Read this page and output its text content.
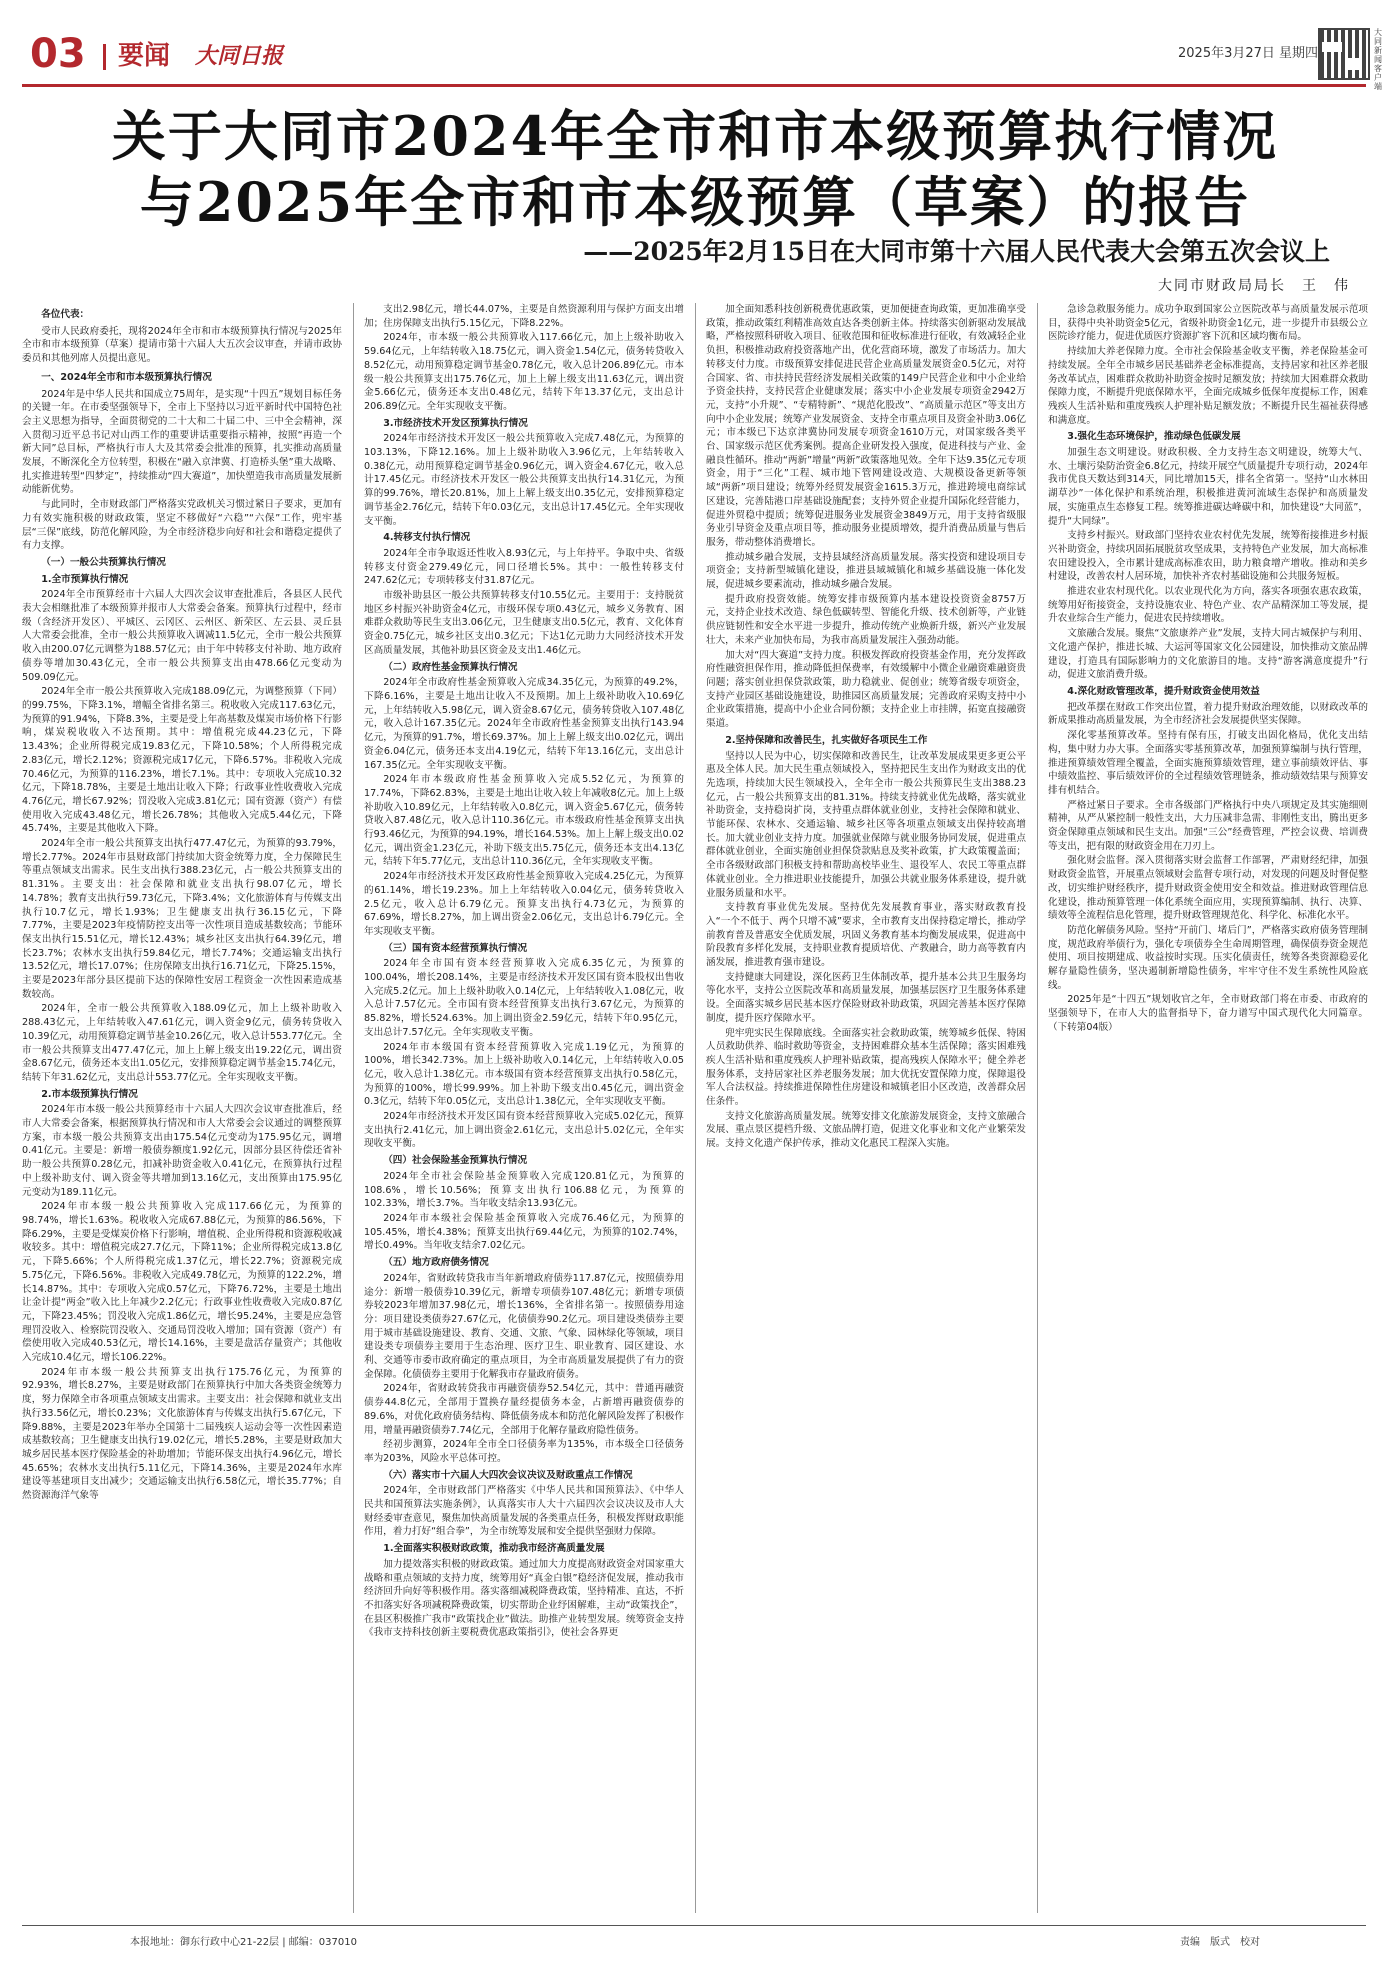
03 要闻 大同日报	2025年3月27日 星期四
大同新闻客户端
关于大同市2024年全市和市本级预算执行情况
与2025年全市和市本级预算（草案）的报告
——2025年2月15日在大同市第十六届人民代表大会第五次会议上
大同市财政局局长　王　伟

各位代表：

受市人民政府委托，现将2024年全市和市本级预算执行情况与2025年全市和市本级预算（草案）提请市第十六届人大五次会议审查，并请市政协委员和其他列席人员提出意见。

一、2024年全市和市本级预算执行情况

2024年是中华人民共和国成立75周年，是实现“十四五”规划目标任务的关键一年。在市委坚强领导下，全市上下坚持以习近平新时代中国特色社会主义思想为指导，全面贯彻党的二十大和二十届二中、三中全会精神，深入贯彻习近平总书记对山西工作的重要讲话重要指示精神，按照“再造一个新大同”总目标，严格执行市人大及其常委会批准的预算，扎实推动高质量发展，不断深化全方位转型，积极在“融入京津冀、打造桥头堡”重大战略、扎实推进转型“四梦定”，持续推动“四大赛道”，加快塑造我市高质量发展新动能新优势。

与此同时，全市财政部门严格落实党政机关习惯过紧日子要求，更加有力有效实施积极的财政政策，坚定不移做好“六稳”“六保”工作，兜牢基层“三保”底线，防范化解风险，为全市经济稳步向好和社会和谐稳定提供了有力支撑。

（一）一般公共预算执行情况

1.全市预算执行情况

2024年全市预算经市十六届人大四次会议审查批准后，各县区人民代表大会相继批准了本级预算并报市人大常委会备案。预算执行过程中，经市级（含经济开发区）、平城区、云冈区、云州区、新荣区、左云县、灵丘县人大常委会批准，全市一般公共预算收入调减11.5亿元，全市一般公共预算收入由200.07亿元调整为188.57亿元；由于年中转移支付补助、地方政府债券等增加30.43亿元，全市一般公共预算支出由478.66亿元变动为509.09亿元。

2024年全市一般公共预算收入完成188.09亿元，为调整预算（下同）的99.75%，下降3.1%，增幅全省排名第三。税收收入完成117.63亿元，为预算的91.94%，下降8.3%，主要是受上年高基数及煤炭市场价格下行影响，煤炭税收收入不达预期。其中：增值税完成44.23亿元，下降13.43%；企业所得税完成19.83亿元，下降10.58%；个人所得税完成2.83亿元，增长2.12%；资源税完成17亿元，下降6.57%。非税收入完成70.46亿元，为预算的116.23%，增长7.1%。其中：专项收入完成10.32亿元，下降18.78%，主要是土地出让收入下降；行政事业性收费收入完成4.76亿元，增长67.92%；罚没收入完成3.81亿元；国有资源（资产）有偿使用收入完成43.48亿元，增长26.78%；其他收入完成5.44亿元，下降45.74%，主要是其他收入下降。

2024年全市一般公共预算支出执行477.47亿元，为预算的93.79%，增长2.77%。2024年市县财政部门持续加大资金统筹力度，全力保障民生等重点领域支出需求。民生支出执行388.23亿元，占一般公共预算支出的81.31%。主要支出：社会保障和就业支出执行98.07亿元，增长14.78%；教育支出执行59.73亿元，下降3.4%；文化旅游体育与传媒支出执行10.7亿元，增长1.93%；卫生健康支出执行36.15亿元，下降7.77%，主要是2023年疫情防控支出等一次性项目造成基数较高；节能环保支出执行15.51亿元，增长12.43%；城乡社区支出执行64.39亿元，增长23.7%；农林水支出执行59.84亿元，增长7.74%；交通运输支出执行13.52亿元，增长17.07%；住房保障支出执行16.71亿元，下降25.15%，主要是2023年部分县区提前下达的保障性安居工程资金一次性因素造成基数较高。

2024年，全市一般公共预算收入188.09亿元，加上上级补助收入288.43亿元，上年结转收入47.61亿元，调入资金9亿元，债务转贷收入10.39亿元，动用预算稳定调节基金10.26亿元，收入总计553.77亿元。全市一般公共预算支出477.47亿元，加上上解上级支出19.22亿元，调出资金8.67亿元，债务还本支出1.05亿元，安排预算稳定调节基金15.74亿元，结转下年31.62亿元，支出总计553.77亿元。全年实现收支平衡。

2.市本级预算执行情况

2024年市本级一般公共预算经市十六届人大四次会议审查批准后，经市人大常委会备案，根据预算执行情况和市人大常委会会议通过的调整预算方案，市本级一般公共预算支出由175.54亿元变动为175.95亿元，调增0.41亿元。主要是：新增一般债券额度1.92亿元，因部分县区待偿还省补助一般公共预算0.28亿元，扣减补助资金收入0.41亿元，在预算执行过程中上级补助支付、调入资金等共增加到13.16亿元，支出预算由175.95亿元变动为189.11亿元。

2024年市本级一般公共预算收入完成117.66亿元，为预算的98.74%，增长1.63%。税收收入完成67.88亿元，为预算的86.56%，下降6.29%，主要是受煤炭价格下行影响，增值税、企业所得税和资源税收减收较多。其中：增值税完成27.7亿元，下降11%；企业所得税完成13.8亿元，下降5.66%；个人所得税完成1.37亿元，增长22.7%；资源税完成5.75亿元，下降6.56%。非税收入完成49.78亿元，为预算的122.2%，增长14.87%。其中：专项收入完成0.57亿元，下降76.72%，主要是土地出让金计提“两金”收入比上年减少2.2亿元；行政事业性收费收入完成0.87亿元，下降23.45%；罚没收入完成1.86亿元，增长95.24%，主要是应急管理罚没收入、检察院罚没收入、交通局罚没收入增加；国有资源（资产）有偿使用收入完成40.53亿元，增长14.16%，主要是盘活存量资产；其他收入完成10.4亿元，增长106.22%。

2024年市本级一般公共预算支出执行175.76亿元，为预算的92.93%，增长8.27%，主要是财政部门在预算执行中加大各类资金统筹力度，努力保障全市各项重点领域支出需求。主要支出：社会保障和就业支出执行33.56亿元，增长0.23%；文化旅游体育与传媒支出执行5.67亿元，下降9.88%，主要是2023年举办全国第十二届残疾人运动会等一次性因素造成基数较高；卫生健康支出执行19.02亿元，增长5.28%，主要是财政加大城乡居民基本医疗保险基金的补助增加；节能环保支出执行4.96亿元，增长45.65%；农林水支出执行5.11亿元，下降14.36%，主要是2024年水库建设等基建项目支出减少；交通运输支出执行6.58亿元，增长35.77%；自然资源海洋气象等

支出2.98亿元，增长44.07%，主要是自然资源利用与保护方面支出增加；住房保障支出执行5.15亿元，下降8.22%。

2024年，市本级一般公共预算收入117.66亿元，加上上级补助收入59.64亿元，上年结转收入18.75亿元，调入资金1.54亿元，债务转贷收入8.52亿元，动用预算稳定调节基金0.78亿元，收入总计206.89亿元。市本级一般公共预算支出175.76亿元，加上上解上级支出11.63亿元，调出资金5.66亿元，债务还本支出0.48亿元，结转下年13.37亿元，支出总计206.89亿元。全年实现收支平衡。

3.市经济技术开发区预算执行情况

2024年市经济技术开发区一般公共预算收入完成7.48亿元，为预算的103.13%，下降12.16%。加上上级补助收入3.96亿元，上年结转收入0.38亿元，动用预算稳定调节基金0.96亿元，调入资金4.67亿元，收入总计17.45亿元。市经济技术开发区一般公共预算支出执行14.31亿元，为预算的99.76%，增长20.81%，加上上解上级支出0.35亿元，安排预算稳定调节基金2.76亿元，结转下年0.03亿元，支出总计17.45亿元。全年实现收支平衡。

4.转移支付执行情况

2024年全市争取返还性收入8.93亿元，与上年持平。争取中央、省级转移支付资金279.49亿元，同口径增长5%。其中：一般性转移支付247.62亿元；专项转移支付31.87亿元。

市级补助县区一般公共预算转移支付10.55亿元。主要用于：支持脱贫地区乡村振兴补助资金4亿元，市级环保专项0.43亿元，城乡义务教育、困难群众救助等民生支出3.06亿元，卫生健康支出0.5亿元，教育、文化体育资金0.75亿元，城乡社区支出0.3亿元；下达1亿元助力大同经济技术开发区高质量发展，其他补助县区资金及支出1.46亿元。

（二）政府性基金预算执行情况

2024年全市政府性基金预算收入完成34.35亿元，为预算的49.2%，下降6.16%，主要是土地出让收入不及预期。加上上级补助收入10.69亿元，上年结转收入5.98亿元，调入资金8.67亿元，债务转贷收入107.48亿元，收入总计167.35亿元。2024年全市政府性基金预算支出执行143.94亿元，为预算的91.7%，增长69.37%。加上上解上级支出0.02亿元，调出资金6.04亿元，债务还本支出4.19亿元，结转下年13.16亿元，支出总计167.35亿元。全年实现收支平衡。

2024年市本级政府性基金预算收入完成5.52亿元，为预算的17.74%，下降62.83%，主要是土地出让收入较上年减收8亿元。加上上级补助收入10.89亿元，上年结转收入0.8亿元，调入资金5.67亿元，债务转贷收入87.48亿元，收入总计110.36亿元。市本级政府性基金预算支出执行93.46亿元，为预算的94.19%，增长164.53%。加上上解上级支出0.02亿元，调出资金1.23亿元，补助下级支出5.75亿元，债务还本支出4.13亿元，结转下年5.77亿元，支出总计110.36亿元，全年实现收支平衡。

2024年市经济技术开发区政府性基金预算收入完成4.25亿元，为预算的61.14%，增长19.23%。加上上年结转收入0.04亿元，债务转贷收入2.5亿元，收入总计6.79亿元。预算支出执行4.73亿元，为预算的67.69%，增长8.27%，加上调出资金2.06亿元，支出总计6.79亿元。全年实现收支平衡。

（三）国有资本经营预算执行情况

2024年全市国有资本经营预算收入完成6.35亿元，为预算的100.04%，增长208.14%，主要是市经济技术开发区国有资本股权出售收入完成5.2亿元。加上上级补助收入0.14亿元，上年结转收入1.08亿元，收入总计7.57亿元。全市国有资本经营预算支出执行3.67亿元，为预算的85.82%，增长524.63%。加上调出资金2.59亿元，结转下年0.95亿元，支出总计7.57亿元。全年实现收支平衡。

2024年市本级国有资本经营预算收入完成1.19亿元，为预算的100%，增长342.73%。加上上级补助收入0.14亿元，上年结转收入0.05亿元，收入总计1.38亿元。市本级国有资本经营预算支出执行0.58亿元，为预算的100%，增长99.99%。加上补助下级支出0.45亿元，调出资金0.3亿元，结转下年0.05亿元，支出总计1.38亿元，全年实现收支平衡。

2024年市经济技术开发区国有资本经营预算收入完成5.02亿元，预算支出执行2.41亿元，加上调出资金2.61亿元，支出总计5.02亿元，全年实现收支平衡。

（四）社会保险基金预算执行情况

2024年全市社会保险基金预算收入完成120.81亿元，为预算的108.6%，增长10.56%；预算支出执行106.88亿元，为预算的102.33%，增长3.7%。当年收支结余13.93亿元。

2024年市本级社会保险基金预算收入完成76.46亿元，为预算的105.45%，增长4.38%；预算支出执行69.44亿元，为预算的102.74%，增长0.49%。当年收支结余7.02亿元。

（五）地方政府债务情况

2024年，省财政转贷我市当年新增政府债券117.87亿元，按照债券用途分：新增一般债券10.39亿元，新增专项债券107.48亿元；新增专项债券较2023年增加37.98亿元，增长136%，全省排名第一。按照债券用途分：项目建设类债券27.67亿元，化债债券90.2亿元。项目建设类债券主要用于城市基础设施建设、教育、交通、文旅、气象、园林绿化等领域，项目建设类专项债券主要用于生态治理、医疗卫生、职业教育、园区建设、水利、交通等市委市政府确定的重点项目，为全市高质量发展提供了有力的资金保障。化债债券主要用于化解我市存量政府债务。

2024年，省财政转贷我市再融资债券52.54亿元，其中：普通再融资债券44.8亿元，全部用于置换存量经提债务本金，占新增再融资债券的89.6%，对优化政府债务结构、降低债务成本和防范化解风险发挥了积极作用，增量再融资债券7.74亿元，全部用于化解存量政府隐性债务。

经初步测算，2024年全市全口径债务率为135%，市本级全口径债务率为203%，风险水平总体可控。

（六）落实市十六届人大四次会议决议及财政重点工作情况

2024年，全市财政部门严格落实《中华人民共和国预算法》、《中华人民共和国预算法实施条例》，认真落实市人大十六届四次会议决议及市人大财经委审查意见，聚焦加快高质量发展的各类重点任务，积极发挥财政职能作用，着力打好“组合拳”，为全市统筹发展和安全提供坚强财力保障。

1.全面落实积极财政政策，推动我市经济高质量发展

加力提效落实积极的财政政策。通过加大力度提高财政资金对国家重大战略和重点领域的支持力度，统筹用好“真金白银”稳经济促发展，推动我市经济回升向好等积极作用。落实落细减税降费政策，坚持精准、直达，不折不扣落实好各项减税降费政策，切实帮助企业纾困解难，主动“政策找企”，在县区积极推广我市“政策找企业”做法。助推产业转型发展。统筹资金支持《我市支持科技创新主要税费优惠政策指引》，使社会各界更

加全面知悉科技创新税费优惠政策，更加便捷查询政策，更加准确享受政策，推动政策红利精准高效直达各类创新主体。持续落实创新驱动发展战略，严格按照科研收入项目、征收范围和征收标准进行征收，有效减轻企业负担，积极推动政府投资落地产出，优化营商环境，激发了市场活力。加大转移支付力度。市级预算安排促进民营企业高质量发展资金0.5亿元，对符合国家、省、市扶持民营经济发展相关政策的149户民营企业和中小企业给予资金扶持，支持民营企业健康发展；落实中小企业发展专项资金2942万元，支持“小升规”、“专精特新”、“规范化股改”、“高质量示范区”等支出方向中小企业发展；统筹产业发展资金、支持全市重点项目及资金补助3.06亿元；市本级已下达京津冀协同发展专项资金1610万元，对国家级各类平台、国家级示范区优秀案例。提高企业研发投入强度，促进科技与产业、金融良性循环。推动“两新”增量“两新”政策落地见效。全年下达9.35亿元专项资金，用于“三化”工程、城市地下管网建设改造、大规模设备更新等领域“两新”项目建设；统筹外经贸发展资金1615.3万元，推进跨境电商综试区建设，完善陆港口岸基础设施配套；支持外贸企业提升国际化经营能力，促进外贸稳中提质；统筹促进服务业发展资金3849万元，用于支持省级服务业引导资金及重点项目等，推动服务业提质增效，提升消费品质量与售后服务，带动整体消费增长。

推动城乡融合发展，支持县域经济高质量发展。落实投资和建设项目专项资金；支持新型城镇化建设，推进县域城镇化和城乡基础设施一体化发展，促进城乡要素流动，推动城乡融合发展。

提升政府投资效能。统筹安排市级预算内基本建设投资资金8757万元，支持企业技术改造、绿色低碳转型、智能化升级、技术创新等，产业链供应链韧性和安全水平进一步提升，推动传统产业焕新升级，新兴产业发展壮大，未来产业加快布局，为我市高质量发展注入强劲动能。

加大对“四大赛道”支持力度。积极发挥政府投资基金作用，充分发挥政府性融资担保作用，推动降低担保费率，有效缓解中小微企业融资难融资贵问题；落实创业担保贷款政策，助力稳就业、促创业；统筹省级专项资金，支持产业园区基础设施建设，助推园区高质量发展；完善政府采购支持中小企业政策措施，提高中小企业合同份额；支持企业上市挂牌，拓宽直接融资渠道。

2.坚持保障和改善民生，扎实做好各项民生工作

坚持以人民为中心，切实保障和改善民生，让改革发展成果更多更公平惠及全体人民。加大民生重点领域投入，坚持把民生支出作为财政支出的优先选项，持续加大民生领域投入，全年全市一般公共预算民生支出388.23亿元，占一般公共预算支出的81.31%。持续支持就业优先战略，落实就业补助资金，支持稳岗扩岗，支持重点群体就业创业，支持社会保障和就业、节能环保、农林水、交通运输、城乡社区等各项重点领域支出保持较高增长。加大就业创业支持力度。加强就业保障与就业服务协同发展，促进重点群体就业创业，全面实施创业担保贷款贴息及奖补政策，扩大政策覆盖面；全市各级财政部门积极支持和帮助高校毕业生、退役军人、农民工等重点群体就业创业。全力推进职业技能提升，加强公共就业服务体系建设，提升就业服务质量和水平。

支持教育事业优先发展。坚持优先发展教育事业，落实财政教育投入“一个不低于、两个只增不减”要求，全市教育支出保持稳定增长，推动学前教育普及普惠安全优质发展，巩固义务教育基本均衡发展成果，促进高中阶段教育多样化发展，支持职业教育提质培优、产教融合，助力高等教育内涵发展，推进教育强市建设。

支持健康大同建设，深化医药卫生体制改革，提升基本公共卫生服务均等化水平，支持公立医院改革和高质量发展，加强基层医疗卫生服务体系建设。全面落实城乡居民基本医疗保险财政补助政策，巩固完善基本医疗保障制度，提升医疗保障水平。

兜牢兜实民生保障底线。全面落实社会救助政策，统筹城乡低保、特困人员救助供养、临时救助等资金，支持困难群众基本生活保障；落实困难残疾人生活补贴和重度残疾人护理补贴政策，提高残疾人保障水平；健全养老服务体系，支持居家社区养老服务发展；加大优抚安置保障力度，保障退役军人合法权益。持续推进保障性住房建设和城镇老旧小区改造，改善群众居住条件。

支持文化旅游高质量发展。统筹安排文化旅游发展资金，支持文旅融合发展、重点景区提档升级、文旅品牌打造，促进文化事业和文化产业繁荣发展。支持文化遗产保护传承，推动文化惠民工程深入实施。

急诊急救服务能力。成功争取到国家公立医院改革与高质量发展示范项目，获得中央补助资金5亿元，省级补助资金1亿元，进一步提升市县级公立医院诊疗能力，促进优质医疗资源扩容下沉和区域均衡布局。

持续加大养老保障力度。全市社会保险基金收支平衡，养老保险基金可持续发展。全年全市城乡居民基础养老金标准提高，支持居家和社区养老服务改革试点，困难群众救助补助资金按时足额发放；持续加大困难群众救助保障力度，不断提升兜底保障水平，全面完成城乡低保年度提标工作，困难残疾人生活补贴和重度残疾人护理补贴足额发放；不断提升民生福祉获得感和满意度。

3.强化生态环境保护，推动绿色低碳发展

加强生态文明建设。财政积极、全力支持生态文明建设，统筹大气、水、土壤污染防治资金6.8亿元，持续开展空气质量提升专项行动，2024年我市优良天数达到314天，同比增加15天，排名全省第一。坚持“山水林田湖草沙”一体化保护和系统治理，积极推进黄河流域生态保护和高质量发展，实施重点生态修复工程。统筹推进碳达峰碳中和，加快建设“大同蓝”，提升“大同绿”。

支持乡村振兴。财政部门坚持农业农村优先发展，统筹衔接推进乡村振兴补助资金，持续巩固拓展脱贫攻坚成果，支持特色产业发展，加大高标准农田建设投入，全市累计建成高标准农田，助力粮食增产增收。推动和美乡村建设，改善农村人居环境，加快补齐农村基础设施和公共服务短板。

推进农业农村现代化。以农业现代化为方向，落实各项强农惠农政策，统筹用好衔接资金，支持设施农业、特色产业、农产品精深加工等发展，提升农业综合生产能力，促进农民持续增收。

文旅融合发展。聚焦“文旅康养产业”发展，支持大同古城保护与利用、文化遗产保护，推进长城、大运河等国家文化公园建设，加快推动文旅品牌建设，打造具有国际影响力的文化旅游目的地。支持“游客满意度提升”行动，促进文旅消费升级。

4.深化财政管理改革，提升财政资金使用效益

把改革摆在财政工作突出位置，着力提升财政治理效能，以财政改革的新成果推动高质量发展，为全市经济社会发展提供坚实保障。

深化零基预算改革。坚持有保有压，打破支出固化格局，优化支出结构，集中财力办大事。全面落实零基预算改革，加强预算编制与执行管理，推进预算绩效管理全覆盖，全面实施预算绩效管理，建立事前绩效评估、事中绩效监控、事后绩效评价的全过程绩效管理链条，推动绩效结果与预算安排有机结合。

严格过紧日子要求。全市各级部门严格执行中央八项规定及其实施细则精神，从严从紧控制一般性支出，大力压减非急需、非刚性支出，腾出更多资金保障重点领域和民生支出。加强“三公”经费管理，严控会议费、培训费等支出，把有限的财政资金用在刀刃上。

强化财会监督。深入贯彻落实财会监督工作部署，严肃财经纪律，加强财政资金监管，开展重点领域财会监督专项行动，对发现的问题及时督促整改，切实维护财经秩序，提升财政资金使用安全和效益。推进财政管理信息化建设，推动预算管理一体化系统全面应用，实现预算编制、执行、决算、绩效等全流程信息化管理，提升财政管理规范化、科学化、标准化水平。

防范化解债务风险。坚持“开前门、堵后门”，严格落实政府债务管理制度，规范政府举债行为，强化专项债券全生命周期管理，确保债券资金规范使用、项目按期建成、收益按时实现。压实化债责任，统筹各类资源稳妥化解存量隐性债务，坚决遏制新增隐性债务，牢牢守住不发生系统性风险底线。

2025年是“十四五”规划收官之年，全市财政部门将在市委、市政府的坚强领导下，在市人大的监督指导下，奋力谱写中国式现代化大同篇章。（下转第04版）

本报地址：御东行政中心21-22层 | 邮编：037010	责编　版式　校对
